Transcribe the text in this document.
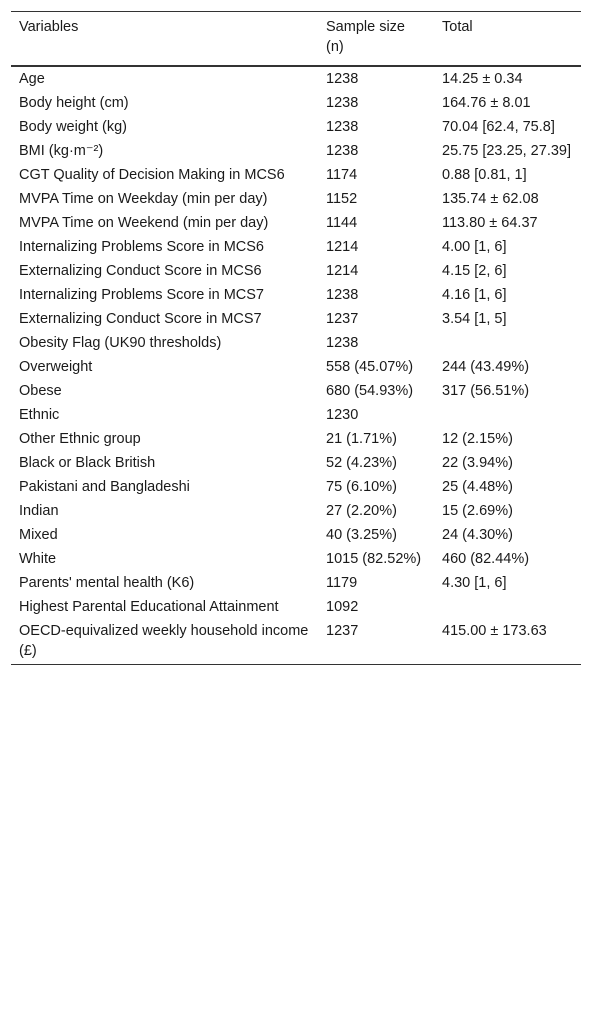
Variables	Sample size (n)	Total
Age	1238	14.25 ± 0.34
Body height (cm)	1238	164.76 ± 8.01
Body weight (kg)	1238	70.04 [62.4, 75.8]
BMI (kg·m⁻²)	1238	25.75 [23.25, 27.39]
CGT Quality of Decision Making in MCS6	1174	0.88 [0.81, 1]
MVPA Time on Weekday (min per day)	1152	135.74 ± 62.08
MVPA Time on Weekend (min per day)	1144	113.80 ± 64.37
Internalizing Problems Score in MCS6	1214	4.00 [1, 6]
Externalizing Conduct Score in MCS6	1214	4.15 [2, 6]
Internalizing Problems Score in MCS7	1238	4.16 [1, 6]
Externalizing Conduct Score in MCS7	1237	3.54 [1, 5]
Obesity Flag (UK90 thresholds)	1238	
Overweight	558 (45.07%)	244 (43.49%)
Obese	680 (54.93%)	317 (56.51%)
Ethnic	1230	
Other Ethnic group	21 (1.71%)	12 (2.15%)
Black or Black British	52 (4.23%)	22 (3.94%)
Pakistani and Bangladeshi	75 (6.10%)	25 (4.48%)
Indian	27 (2.20%)	15 (2.69%)
Mixed	40 (3.25%)	24 (4.30%)
White	1015 (82.52%)	460 (82.44%)
Parents' mental health (K6)	1179	4.30 [1, 6]
Highest Parental Educational Attainment	1092	
OECD-equivalized weekly household income (£)	1237	415.00 ± 173.63
